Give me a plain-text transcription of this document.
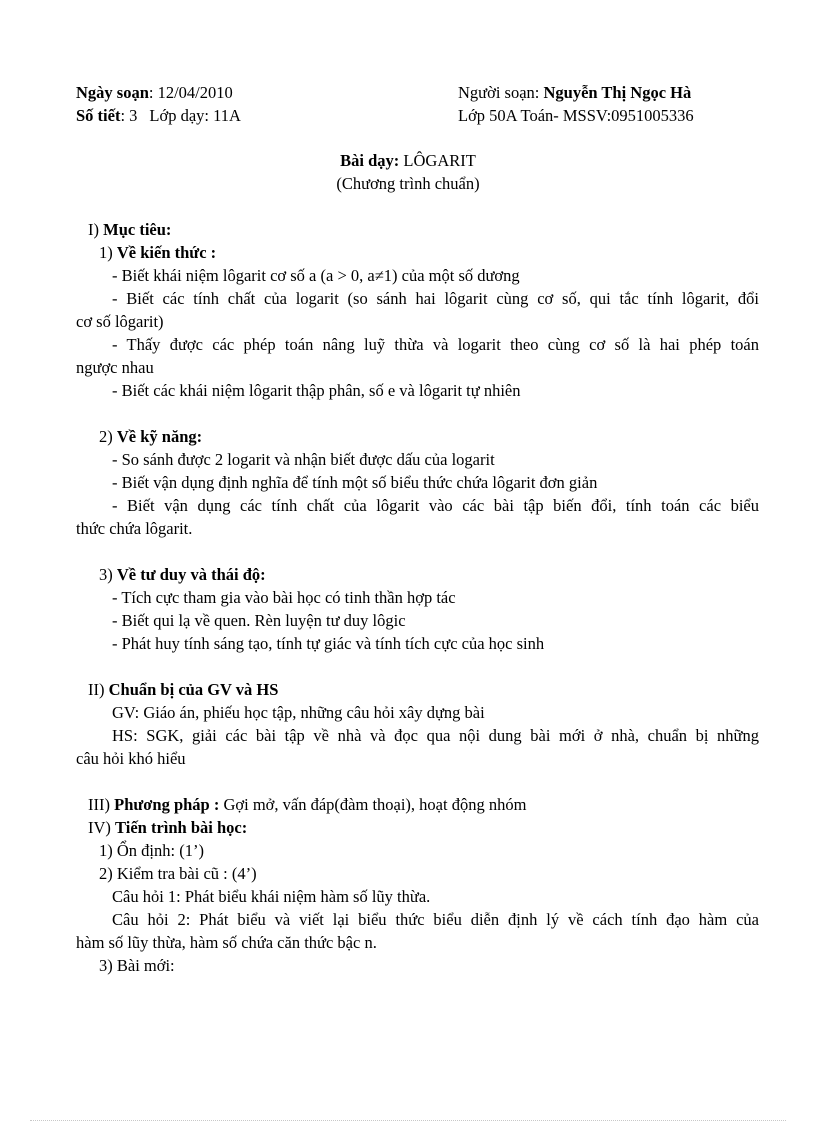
Ngày soạn: 12/04/2010
Số tiết: 3 Lớp dạy: 11A
Người soạn: Nguyễn Thị Ngọc Hà
Lớp 50A Toán- MSSV:0951005336
Bài dạy: LÔGARIT
(Chương trình chuẩn)
I) Mục tiêu:
1) Về kiến thức :
- Biết khái niệm lôgarit cơ số a (a > 0, a≠1) của một số dương
- Biết các tính chất của logarit (so sánh hai lôgarit cùng cơ số, qui tắc tính lôgarit, đổi
cơ số lôgarit)
- Thấy được các phép toán nâng luỹ thừa và logarit theo cùng cơ số là hai phép toán
ngược nhau
- Biết các khái niệm lôgarit thập phân, số e và lôgarit tự nhiên
2) Về kỹ năng:
- So sánh được 2 logarit và nhận biết được dấu của logarit
- Biết vận dụng định nghĩa để tính một số biểu thức chứa lôgarit đơn giản
- Biết vận dụng các tính chất của lôgarit vào các bài tập biến đổi, tính toán các biểu
thức chứa lôgarit.
3) Về tư duy và thái độ:
- Tích cực tham gia vào bài học có tinh thần hợp tác
- Biết qui lạ về quen. Rèn luyện tư duy lôgic
- Phát huy tính sáng tạo, tính tự giác và tính tích cực của học sinh
II) Chuẩn bị của GV và HS
GV: Giáo án, phiếu học tập, những câu hỏi xây dựng bài
HS: SGK, giải các bài tập về nhà và đọc qua nội dung bài mới ở nhà, chuẩn bị những
câu hỏi khó hiểu
III) Phương pháp : Gợi mở, vấn đáp(đàm thoại), hoạt động nhóm
IV) Tiến trình bài học:
1) Ổn định: (1’)
2) Kiểm tra bài cũ : (4’)
Câu hỏi 1: Phát biểu khái niệm hàm số lũy thừa.
Câu hỏi 2: Phát biểu và viết lại biểu thức biểu diễn định lý về cách tính đạo hàm của
hàm số lũy thừa, hàm số chứa căn thức bậc n.
3) Bài mới:
